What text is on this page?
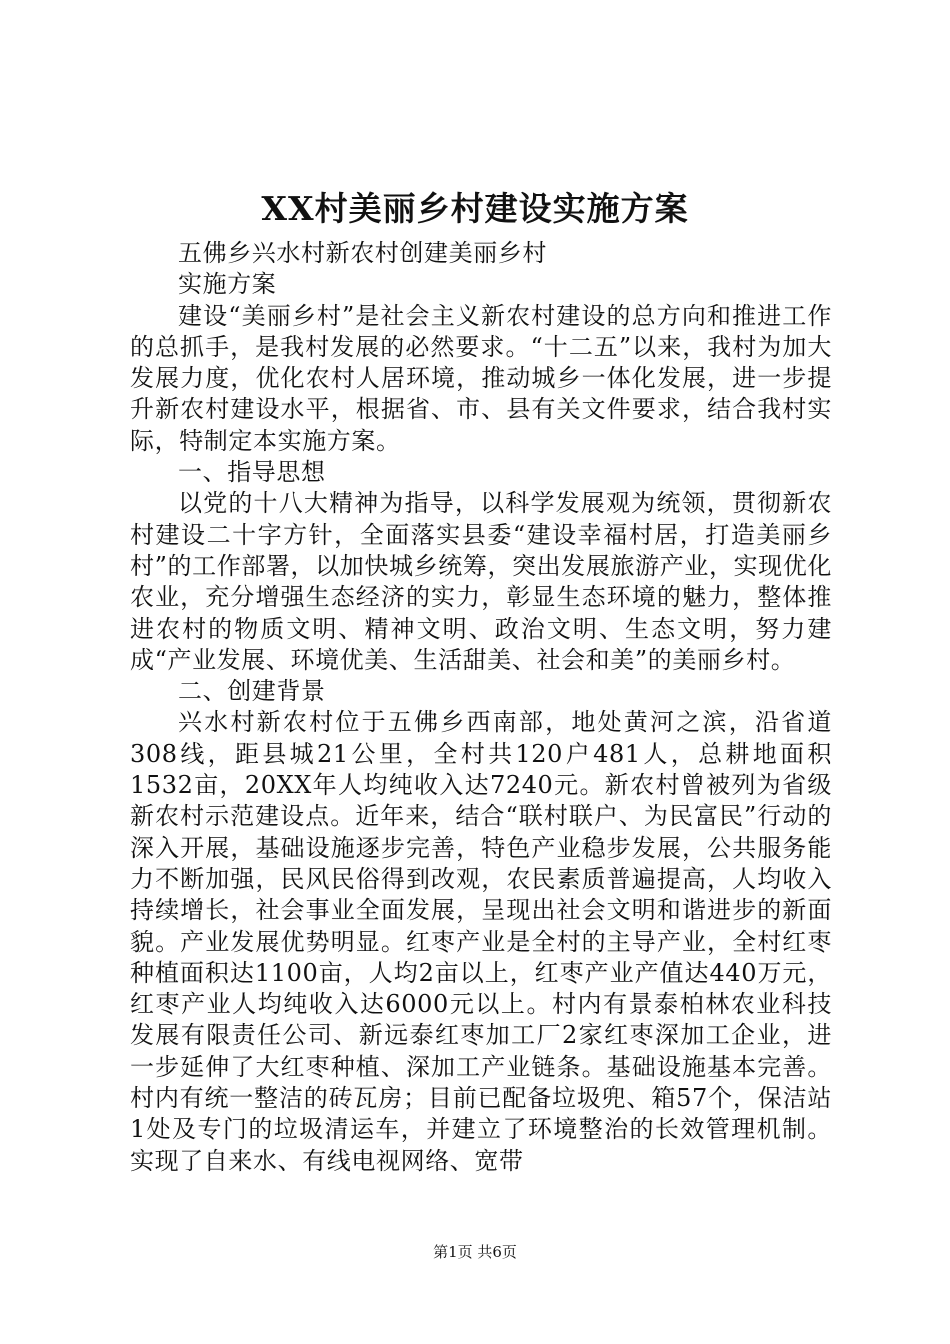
XX村美丽乡村建设实施方案

五佛乡兴水村新农村创建美丽乡村

实施方案

建设“美丽乡村”是社会主义新农村建设的总方向和推进工作的总抓手，是我村发展的必然要求。“十二五”以来，我村为加大发展力度，优化农村人居环境，推动城乡一体化发展，进一步提升新农村建设水平，根据省、市、县有关文件要求，结合我村实际，特制定本实施方案。

一、指导思想

以党的十八大精神为指导，以科学发展观为统领，贯彻新农村建设二十字方针，全面落实县委“建设幸福村居，打造美丽乡村”的工作部署，以加快城乡统筹，突出发展旅游产业，实现优化农业，充分增强生态经济的实力，彰显生态环境的魅力，整体推进农村的物质文明、精神文明、政治文明、生态文明，努力建成“产业发展、环境优美、生活甜美、社会和美”的美丽乡村。

二、创建背景

兴水村新农村位于五佛乡西南部，地处黄河之滨，沿省道308线，距县城21公里，全村共120户481人，总耕地面积1532亩，20XX年人均纯收入达7240元。新农村曾被列为省级新农村示范建设点。近年来，结合“联村联户、为民富民”行动的深入开展，基础设施逐步完善，特色产业稳步发展，公共服务能力不断加强，民风民俗得到改观，农民素质普遍提高，人均收入持续增长，社会事业全面发展，呈现出社会文明和谐进步的新面貌。产业发展优势明显。红枣产业是全村的主导产业，全村红枣种植面积达1100亩，人均2亩以上，红枣产业产值达440万元，红枣产业人均纯收入达6000元以上。村内有景泰柏林农业科技发展有限责任公司、新远泰红枣加工厂2家红枣深加工企业，进一步延伸了大红枣种植、深加工产业链条。基础设施基本完善。村内有统一整洁的砖瓦房；目前已配备垃圾兜、箱57个，保洁站1处及专门的垃圾清运车，并建立了环境整治的长效管理机制。实现了自来水、有线电视网络、宽带

第1页 共6页
